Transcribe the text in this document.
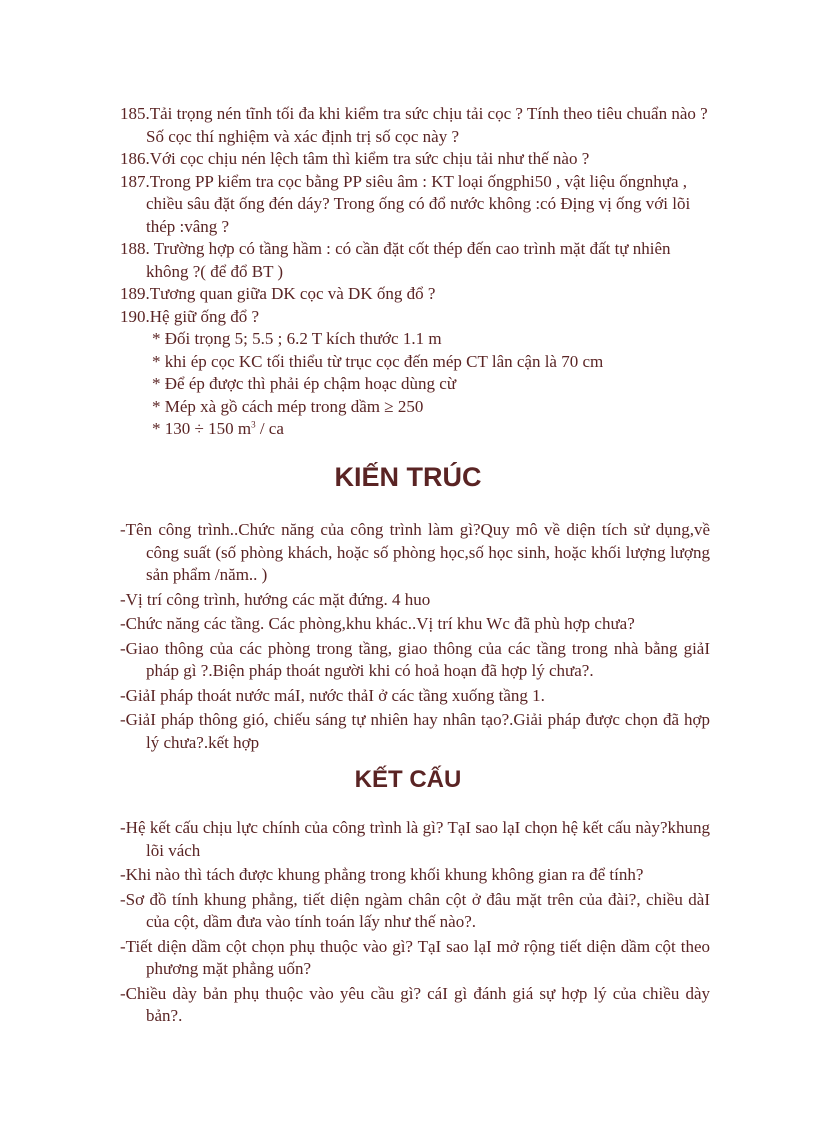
185.Tải trọng nén tĩnh tối đa khi kiểm tra sức chịu tải cọc ? Tính theo tiêu chuẩn nào ? Số cọc thí nghiệm và xác định trị số cọc này ?

186.Với cọc chịu nén lệch tâm thì kiểm tra sức chịu tải như thế nào ?

187.Trong PP kiểm tra cọc bằng PP siêu âm : KT loại ốngphi50 , vật liệu ốngnhựa , chiều sâu đặt ống đén dáy? Trong ống có đổ nước không :có Địng vị ống với lõi thép :vâng ?

188. Trường hợp có tầng hầm : có cần đặt cốt thép đến cao trình mặt đất tự nhiên không ?( để đổ BT )

189.Tương quan giữa DK cọc và DK ống đổ ?

190.Hệ giữ ống đổ ?

* Đối trọng 5; 5.5 ; 6.2 T kích thước 1.1 m

* khi ép cọc KC tối thiểu từ trục cọc đến mép CT lân cận là 70 cm

* Để ép được thì phải ép chậm hoạc dùng cừ

* Mép xà gồ cách mép trong dầm ≥ 250

* 130 ÷ 150 $m^3$ / ca

KIẾN TRÚC

-Tên công trình..Chức năng của công trình làm gì?Quy mô về diện tích sử dụng,về công suất (số phòng khách, hoặc số phòng học,số học sinh, hoặc khối lượng lượng sản phẩm /năm.. )

-Vị trí công trình, hướng các mặt đứng. 4 huo

-Chức năng các tầng. Các phòng,khu khác..Vị trí khu Wc đã phù hợp chưa?

-Giao thông của các phòng trong tầng, giao thông của các tầng trong nhà bằng giảI pháp gì ?.Biện pháp thoát người khi có hoả hoạn đã hợp lý chưa?.

-GiảI pháp thoát nước máI, nước thảI ở các tầng xuống tầng 1.

-GiảI pháp thông gió, chiếu sáng tự nhiên hay nhân tạo?.Giải pháp được chọn đã hợp lý chưa?.kết hợp

KẾT CẤU

-Hệ kết cấu chịu lực chính của công trình là gì? TạI sao lạI chọn hệ kết cấu này?khung lõi vách

-Khi nào thì tách được khung phẳng trong khối khung không gian ra để tính?

-Sơ đồ tính khung phẳng, tiết diện ngàm chân cột ở đâu mặt trên của đài?, chiều dàI của cột, dầm đưa vào tính toán lấy như thế nào?.

-Tiết diện dầm cột chọn phụ thuộc vào gì? TạI sao lạI mở rộng tiết diện dầm cột theo phương mặt phẳng uốn?

-Chiều dày bản phụ thuộc vào yêu cầu gì? cáI gì đánh giá sự hợp lý của chiều dày bản?.
